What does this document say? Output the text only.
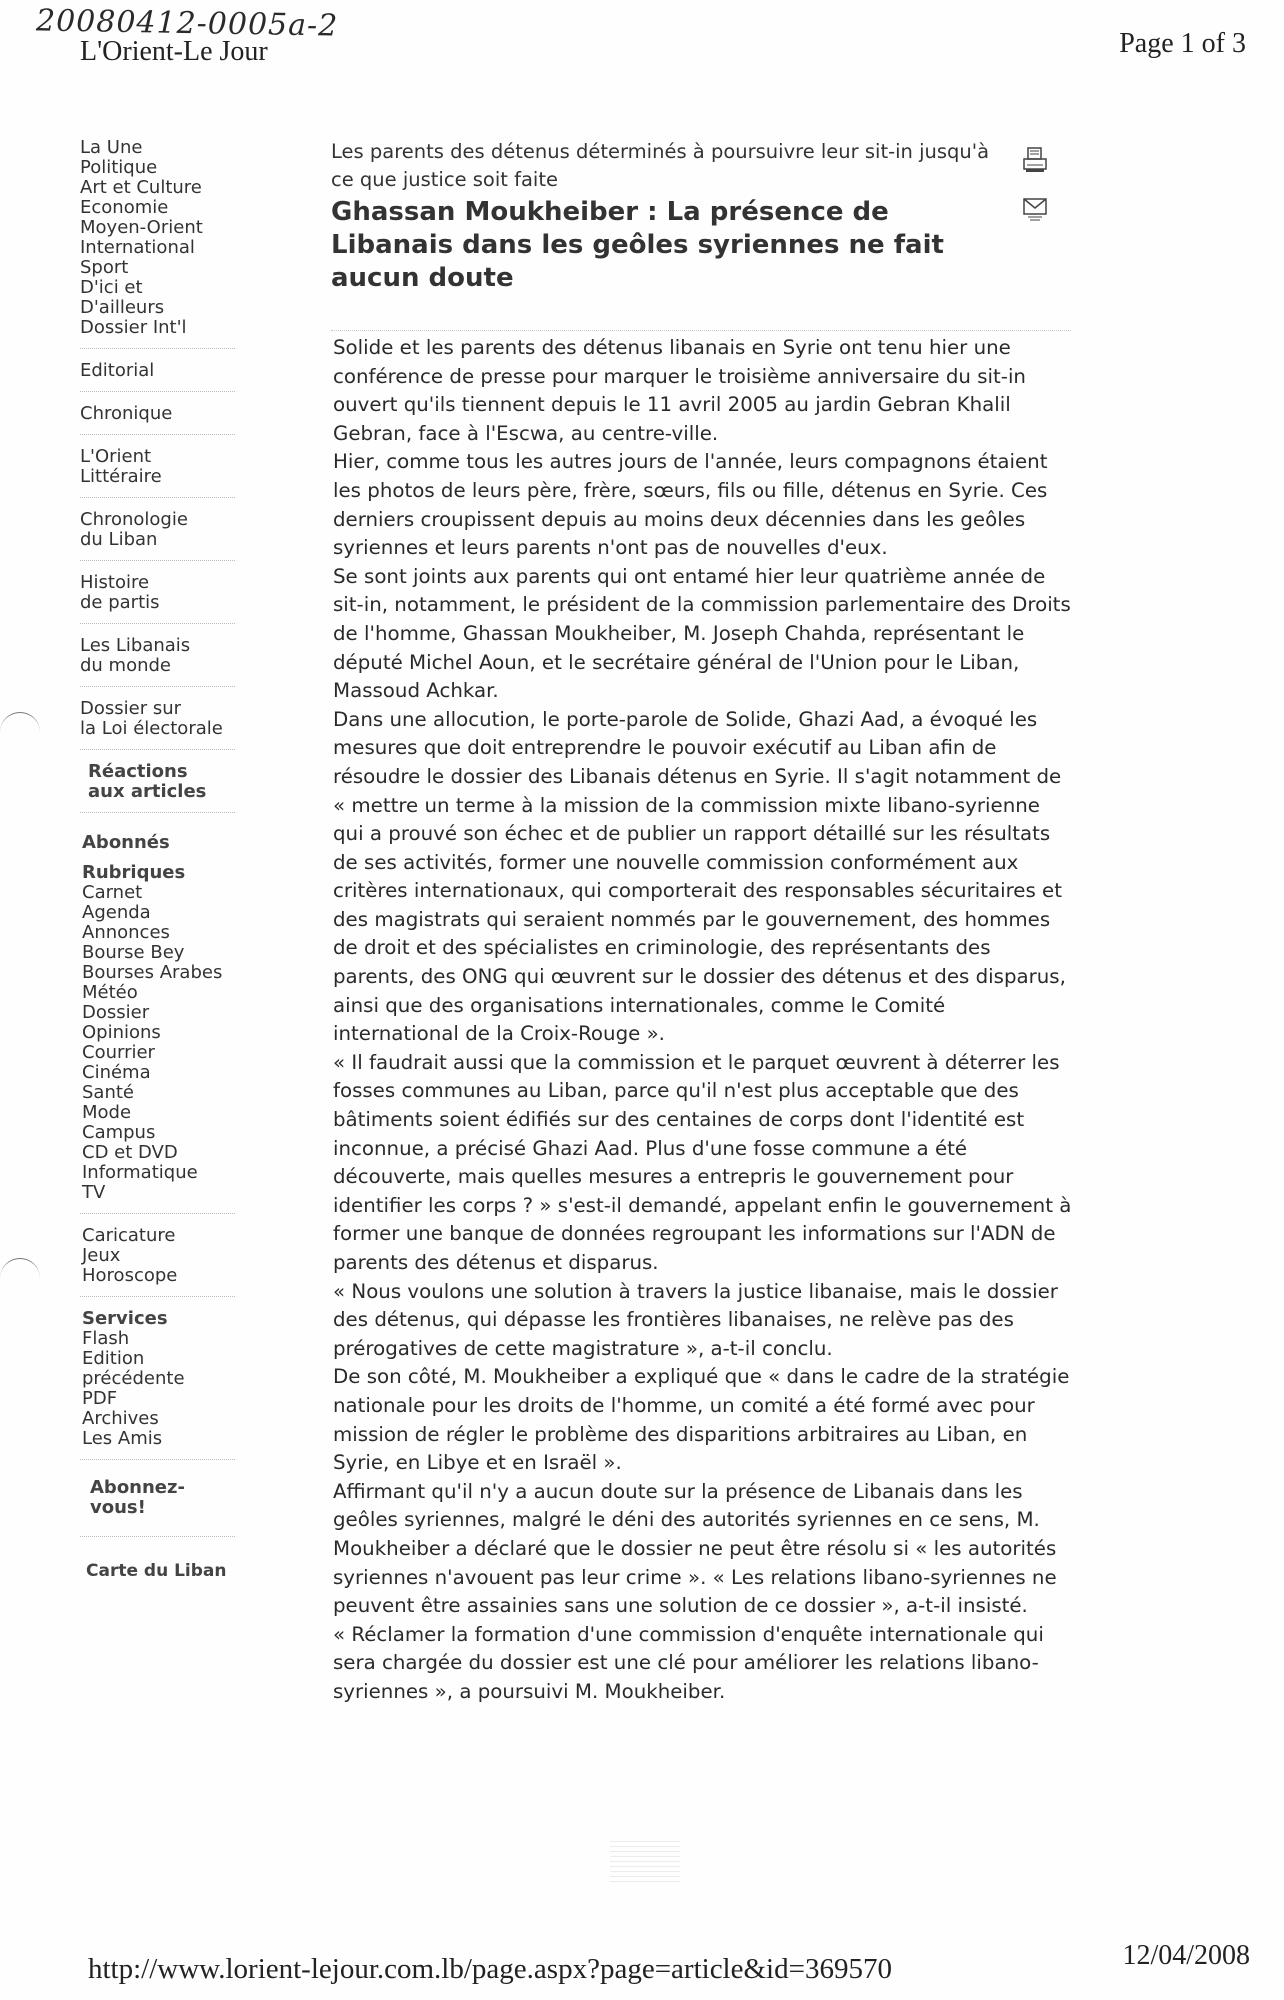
20080412-0005a-2
L'Orient-Le Jour	Page 1 of 3
La Une
Politique
Art et Culture
Economie
Moyen-Orient
International
Sport
D'ici et
D'ailleurs
Dossier Int'l
Editorial
Chronique
L'Orient
Littéraire
Chronologie
du Liban
Histoire
de partis
Les Libanais
du monde
Dossier sur
la Loi électorale
Réactions
aux articles
Abonnés
Rubriques
Carnet
Agenda
Annonces
Bourse Bey
Bourses Arabes
Météo
Dossier
Opinions
Courrier
Cinéma
Santé
Mode
Campus
CD et DVD
Informatique
TV
Caricature
Jeux
Horoscope
Services
Flash
Edition
précédente
PDF
Archives
Les Amis
Abonnez-
vous!
Carte du Liban
Les parents des détenus déterminés à poursuivre leur sit-in jusqu'à ce que justice soit faite
Ghassan Moukheiber : La présence de Libanais dans les geôles syriennes ne fait aucun doute

Solide et les parents des détenus libanais en Syrie ont tenu hier une conférence de presse pour marquer le troisième anniversaire du sit-in ouvert qu'ils tiennent depuis le 11 avril 2005 au jardin Gebran Khalil Gebran, face à l'Escwa, au centre-ville.

Hier, comme tous les autres jours de l'année, leurs compagnons étaient les photos de leurs père, frère, sœurs, fils ou fille, détenus en Syrie. Ces derniers croupissent depuis au moins deux décennies dans les geôles syriennes et leurs parents n'ont pas de nouvelles d'eux.

Se sont joints aux parents qui ont entamé hier leur quatrième année de sit-in, notamment, le président de la commission parlementaire des Droits de l'homme, Ghassan Moukheiber, M. Joseph Chahda, représentant le député Michel Aoun, et le secrétaire général de l'Union pour le Liban, Massoud Achkar.

Dans une allocution, le porte-parole de Solide, Ghazi Aad, a évoqué les mesures que doit entreprendre le pouvoir exécutif au Liban afin de résoudre le dossier des Libanais détenus en Syrie. Il s'agit notamment de « mettre un terme à la mission de la commission mixte libano-syrienne qui a prouvé son échec et de publier un rapport détaillé sur les résultats de ses activités, former une nouvelle commission conformément aux critères internationaux, qui comporterait des responsables sécuritaires et des magistrats qui seraient nommés par le gouvernement, des hommes de droit et des spécialistes en criminologie, des représentants des parents, des ONG qui œuvrent sur le dossier des détenus et des disparus, ainsi que des organisations internationales, comme le Comité international de la Croix-Rouge ».

« Il faudrait aussi que la commission et le parquet œuvrent à déterrer les fosses communes au Liban, parce qu'il n'est plus acceptable que des bâtiments soient édifiés sur des centaines de corps dont l'identité est inconnue, a précisé Ghazi Aad. Plus d'une fosse commune a été découverte, mais quelles mesures a entrepris le gouvernement pour identifier les corps ? » s'est-il demandé, appelant enfin le gouvernement à former une banque de données regroupant les informations sur l'ADN de parents des détenus et disparus.

« Nous voulons une solution à travers la justice libanaise, mais le dossier des détenus, qui dépasse les frontières libanaises, ne relève pas des prérogatives de cette magistrature », a-t-il conclu.

De son côté, M. Moukheiber a expliqué que « dans le cadre de la stratégie nationale pour les droits de l'homme, un comité a été formé avec pour mission de régler le problème des disparitions arbitraires au Liban, en Syrie, en Libye et en Israël ».

Affirmant qu'il n'y a aucun doute sur la présence de Libanais dans les geôles syriennes, malgré le déni des autorités syriennes en ce sens, M. Moukheiber a déclaré que le dossier ne peut être résolu si « les autorités syriennes n'avouent pas leur crime ». « Les relations libano-syriennes ne peuvent être assainies sans une solution de ce dossier », a-t-il insisté.

« Réclamer la formation d'une commission d'enquête internationale qui sera chargée du dossier est une clé pour améliorer les relations libano-syriennes », a poursuivi M. Moukheiber.

http://www.lorient-lejour.com.lb/page.aspx?page=article&id=369570	12/04/2008
